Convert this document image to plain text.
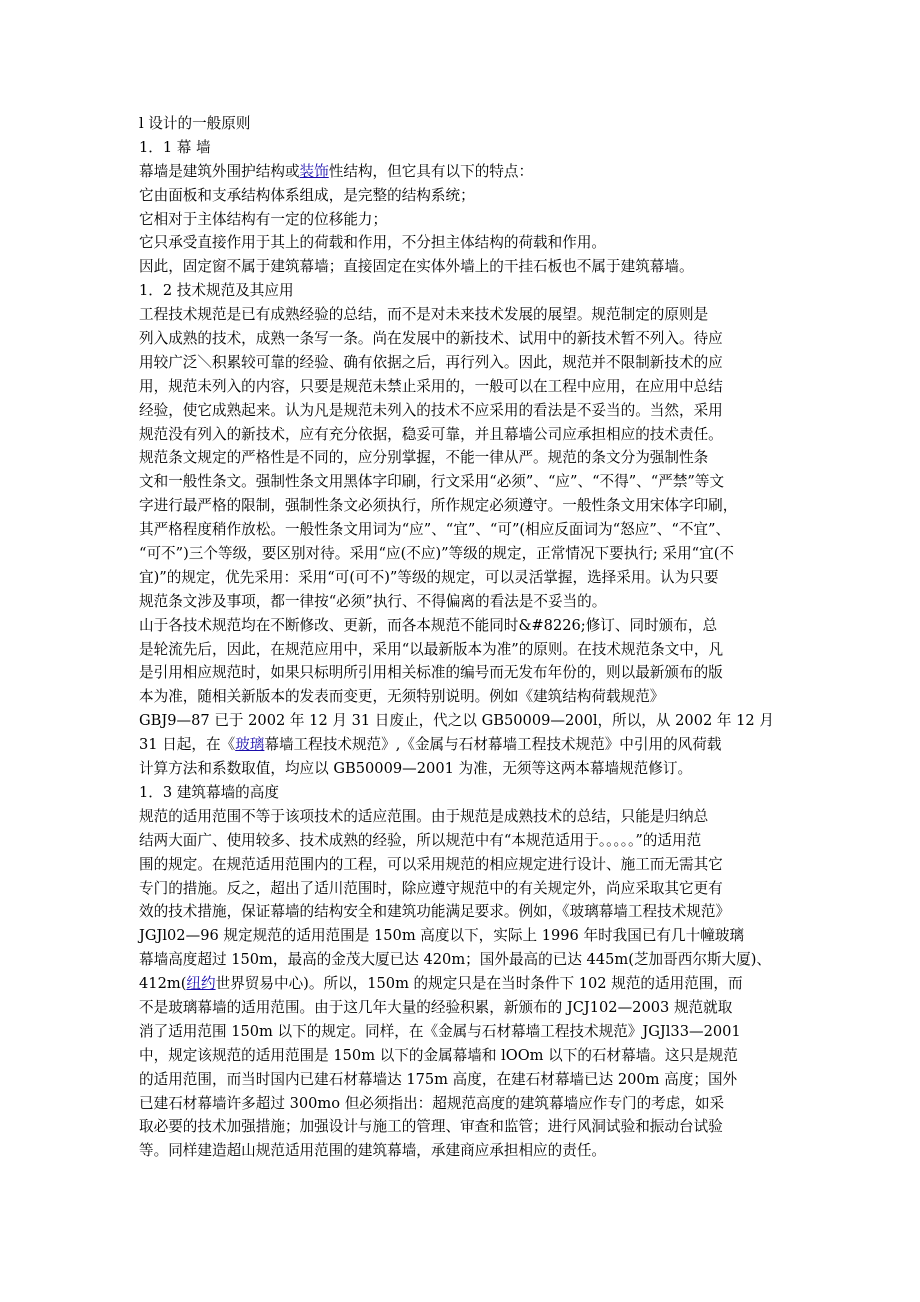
l 设计的一般原则
1．1 幕 墙
幕墙是建筑外围护结构或装饰性结构，但它具有以下的特点：
它由面板和支承结构体系组成，是完整的结构系统；
它相对于主体结构有一定的位移能力；
它只承受直接作用于其上的荷载和作用，不分担主体结构的荷载和作用。
因此，固定窗不属于建筑幕墙；直接固定在实体外墙上的干挂石板也不属于建筑幕墙。
1．2 技术规范及其应用
工程技术规范是已有成熟经验的总结，而不是对未来技术发展的展望。规范制定的原则是
列入成熟的技术，成熟一条写一条。尚在发展中的新技术、试用中的新技术暂不列入。待应
用较广泛＼积累较可靠的经验、确有依据之后，再行列入。因此，规范并不限制新技术的应
用，规范未列入的内容，只要是规范未禁止采用的，一般可以在工程中应用，在应用中总结
经验，使它成熟起来。认为凡是规范未列入的技术不应采用的看法是不妥当的。当然，采用
规范没有列入的新技术，应有充分依据，稳妥可靠，并且幕墙公司应承担相应的技术责任。
规范条文规定的严格性是不同的，应分别掌握，不能一律从严。规范的条文分为强制性条
文和一般性条文。强制性条文用黑体字印刷，行文采用“必须”、“应”、“不得”、“严禁”等文
字进行最严格的限制，强制性条文必须执行，所作规定必须遵守。一般性条文用宋体字印刷，
其严格程度稍作放松。一般性条文用词为“应”、“宜”、“可”(相应反面词为“怒应”、“不宜”、
“可不”)三个等级，要区别对待。采用“应(不应)”等级的规定，正常情况下要执行; 采用“宜(不
宜)”的规定，优先采用：采用“可(可不)”等级的规定，可以灵活掌握，选择采用。认为只要
规范条文涉及事项，都一律按“必须”执行、不得偏离的看法是不妥当的。
山于各技术规范均在不断修改、更新，而各本规范不能同时&#8226;修订、同时颁布，总
是轮流先后，因此，在规范应用中，采用“以最新版本为准”的原则。在技术规范条文中，凡
是引用相应规范时，如果只标明所引用相关标准的编号而无发布年份的，则以最新颁布的版
本为准，随相关新版本的发表而变更，无须特别说明。例如《建筑结构荷载规范》
GBJ9—87 已于 2002 年 12 月 31 日废止，代之以 GB50009—200l，所以，从 2002 年 12 月
31 日起，在《玻璃幕墙工程技术规范》,《金属与石材幕墙工程技术规范》中引用的风荷载
计算方法和系数取值，均应以 GB50009—2001 为准，无须等这两本幕墙规范修订。
1．3 建筑幕墙的高度
规范的适用范围不等于该项技术的适应范围。由于规范是成熟技术的总结，只能是归纳总
结两大面广、使用较多、技术成熟的经验，所以规范中有“本规范适用于。。。。。”的适用范
围的规定。在规范适用范围内的工程，可以采用规范的相应规定进行设计、施工而无需其它
专门的措施。反之，超出了适川范围时，除应遵守规范中的有关规定外，尚应采取其它更有
效的技术措施，保证幕墙的结构安全和建筑功能满足要求。例如，《玻璃幕墙工程技术规范》
JGJl02—96 规定规范的适用范围是 150m 高度以下，实际上 1996 年时我国已有几十幢玻璃
幕墙高度超过 150m，最高的金茂大厦已达 420m；国外最高的已达 445m(芝加哥西尔斯大厦)、
412m(纽约世界贸易中心)。所以，150m 的规定只是在当时条件下 102 规范的适用范围，而
不是玻璃幕墙的适用范围。由于这几年大量的经验积累，新颁布的 JCJ102—2003 规范就取
消了适用范围 150m 以下的规定。同样，在《金属与石材幕墙工程技术规范》JGJl33—2001
中，规定该规范的适用范围是 150m 以下的金属幕墙和 lOOm 以下的石材幕墙。这只是规范
的适用范围，而当时国内已建石材幕墙达 175m 高度，在建石材幕墙已达 200m 高度；国外
已建石材幕墙许多超过 300mo 但必须指出：超规范高度的建筑幕墙应作专门的考虑，如采
取必要的技术加强措施；加强设计与施工的管理、审查和监管；进行风洞试验和振动台试验
等。同样建造超山规范适用范围的建筑幕墙，承建商应承担相应的责任。
